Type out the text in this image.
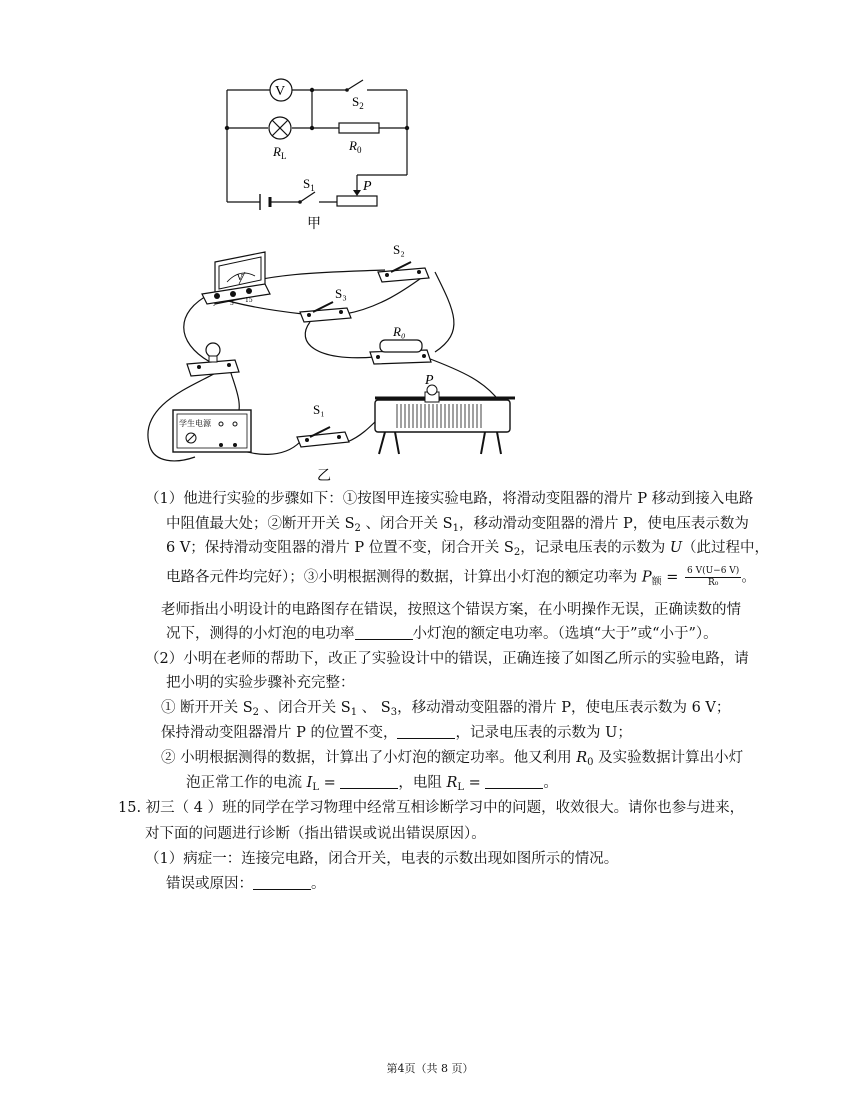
V
$S_2$
$R_L$
$R_0$
$S_1$	P
甲
V
- 3 15
学生电源
S₂
S₃
R₀
P
S₁
乙
（1）他进行实验的步骤如下：①按图甲连接实验电路，将滑动变阻器的滑片 P 移动到接入电路
中阻值最大处；②断开开关 $S_2$ 、闭合开关 $S_1$，移动滑动变阻器的滑片 P，使电压表示数为
6 V；保持滑动变阻器的滑片 P 位置不变，闭合开关 $S_2$，记录电压表的示数为 U（此过程中，
电路各元件均完好）；③小明根据测得的数据，计算出小灯泡的额定功率为 $P_额 = \frac{6 V(U-6 V)}{\text{R₀}}$ 。
老师指出小明设计的电路图存在错误，按照这个错误方案，在小明操作无误，正确读数的情
况下，测得的小灯泡的电功率	小灯泡的额定电功率。（选填“大于”或“小于”）。
（2）小明在老师的帮助下，改正了实验设计中的错误，正确连接了如图乙所示的实验电路，请
把小明的实验步骤补充完整：
① 断开开关 $S_2$ 、闭合开关 $S_1$ 、 $S_3$，移动滑动变阻器的滑片 P，使电压表示数为 6 V；
保持滑动变阻器滑片 P 的位置不变，	，记录电压表的示数为 U；
② 小明根据测得的数据，计算出了小灯泡的额定功率。他又利用 $R_0$ 及实验数据计算出小灯
泡正常工作的电流 $I_L$ =	，电阻 $R_L$ =	。
15. 初三（ 4 ）班的同学在学习物理中经常互相诊断学习中的问题，收效很大。请你也参与进来，
对下面的问题进行诊断（指出错误或说出错误原因）。
（1）病症一：连接完电路，闭合开关，电表的示数出现如图所示的情况。
错误或原因：	。
第4页（共 8 页）
